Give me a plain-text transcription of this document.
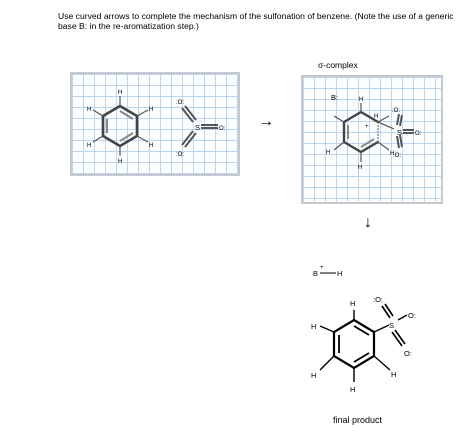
Use curved arrows to complete the mechanism of the sulfonation of benzene. (Note the use of a generic base B: in the re-aromatization step.)

σ-complex

→
↓
H
H
H
H
H
H
:O:
S	O:
:O:
B:	H
+
H
H
H
H
:O:
S O:
:O:
B
+
H
H
H
H
H
H
:O:
S
O:
O:

final product
